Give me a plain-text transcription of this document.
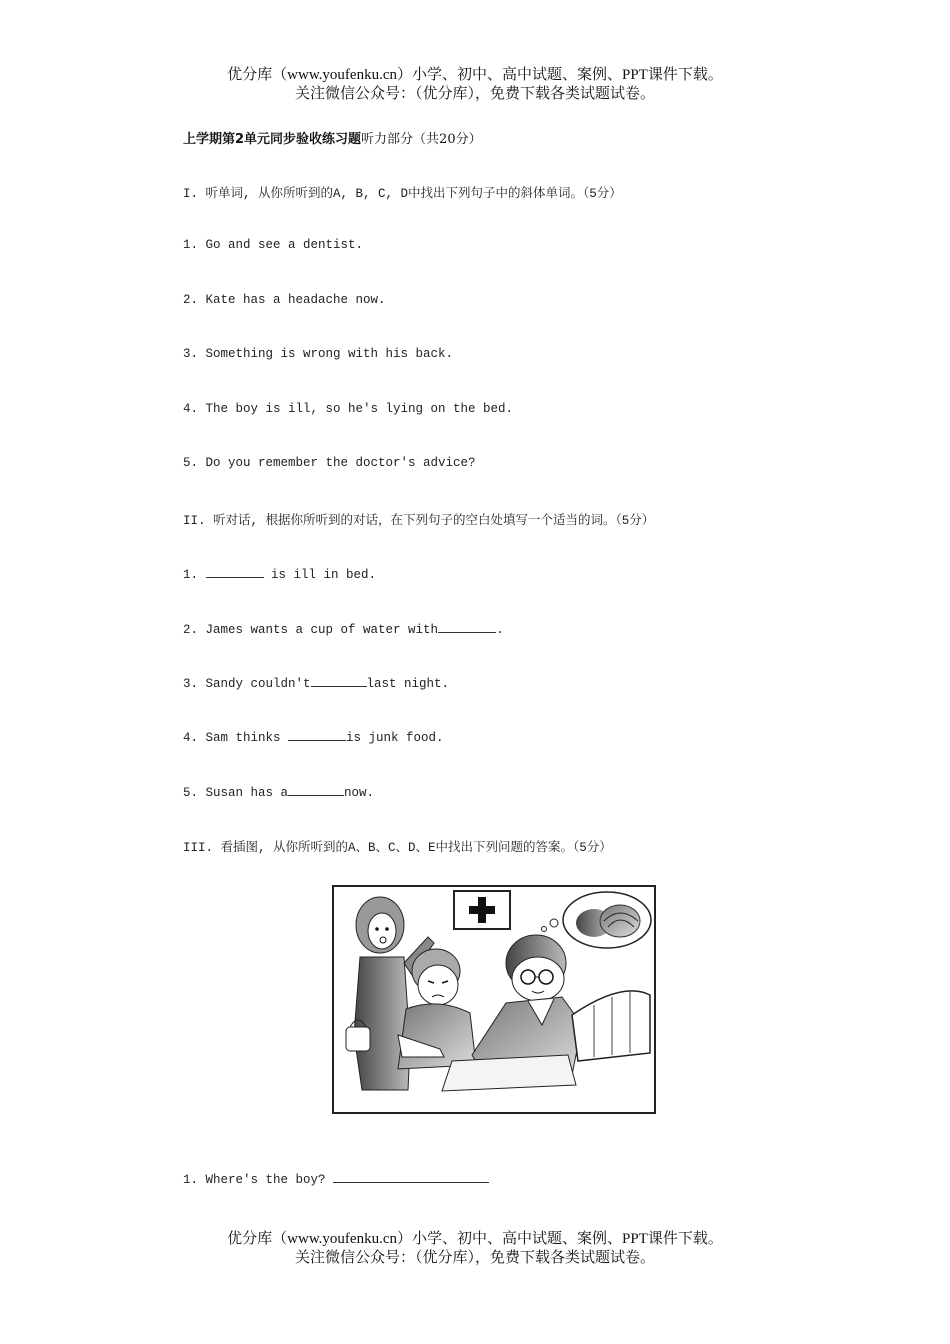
优分库（www.youfenku.cn）小学、初中、高中试题、案例、PPT课件下载。
关注微信公众号：（优分库），免费下载各类试题试卷。
上学期第2单元同步验收练习题听力部分（共20分）
I. 听单词, 从你所听到的A, B, C, D中找出下列句子中的斜体单词。（5分）
1. Go and see a dentist.
2. Kate has a headache now.
3. Something is wrong with his back.
4. The boy is ill, so he's lying on the bed.
5. Do you remember the doctor's advice?
II. 听对话, 根据你所听到的对话，在下列句子的空白处填写一个适当的词。（5分）
1.	is ill in bed.
2. James wants a cup of water with	.
3. Sandy couldn't	last night.
4. Sam thinks	is junk food.
5. Susan has a	now.
III. 看插图, 从你所听到的A、B、C、D、E中找出下列问题的答案。（5分）
1. Where's the boy?
优分库（www.youfenku.cn）小学、初中、高中试题、案例、PPT课件下载。
关注微信公众号：（优分库），免费下载各类试题试卷。
